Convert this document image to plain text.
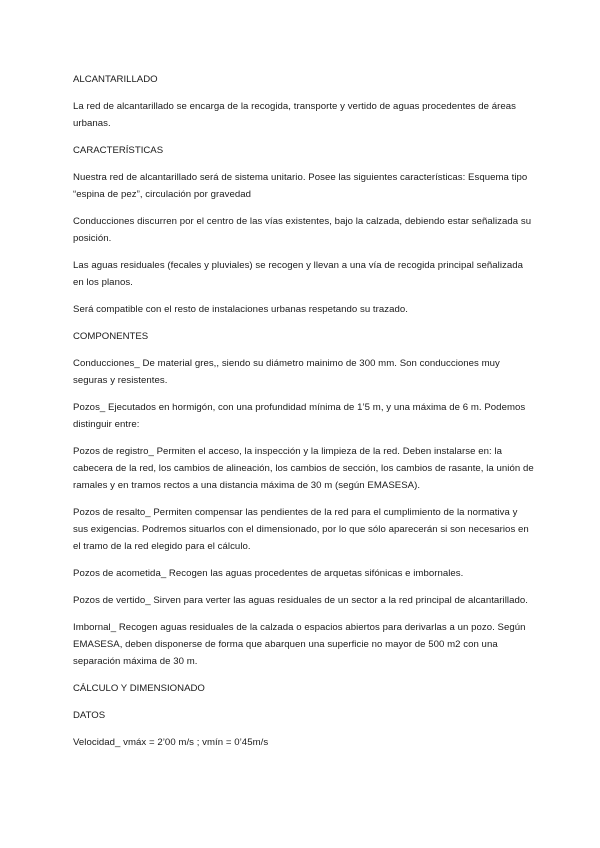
ALCANTARILLADO
La red de alcantarillado se encarga de la recogida, transporte y vertido de aguas procedentes de áreas urbanas.
CARACTERÍSTICAS
Nuestra red de alcantarillado será de sistema unitario. Posee las siguientes características: Esquema tipo “espina de pez”, circulación por gravedad
Conducciones discurren por el centro de las vías existentes, bajo la calzada, debiendo estar señalizada su posición.
Las aguas residuales (fecales y pluviales) se recogen y llevan a una vía de recogida principal señalizada en los planos.
Será compatible con el resto de instalaciones urbanas respetando su trazado.
COMPONENTES
Conducciones_ De material gres,, siendo su diámetro mainimo de 300 mm. Son conducciones muy seguras y resistentes.
Pozos_ Ejecutados en hormigón, con una profundidad mínima de 1’5 m, y una máxima de 6 m. Podemos distinguir entre:
Pozos de registro_ Permiten el acceso, la inspección y la limpieza de la red. Deben instalarse en: la cabecera de la red, los cambios de alineación, los cambios de sección, los cambios de rasante, la unión de ramales y en tramos rectos a una distancia máxima de 30 m (según EMASESA).
Pozos de resalto_ Permiten compensar las pendientes de la red para el cumplimiento de la normativa y sus exigencias. Podremos situarlos con el dimensionado, por lo que sólo aparecerán si son necesarios en el tramo de la red elegido para el cálculo.
Pozos de acometida_ Recogen las aguas procedentes de arquetas sifónicas e imbornales.
Pozos de vertido_ Sirven para verter las aguas residuales de un sector a la red principal de alcantarillado.
Imbornal_ Recogen aguas residuales de la calzada o espacios abiertos para derivarlas a un pozo. Según EMASESA, deben disponerse de forma que abarquen una superficie no mayor de 500 m2 con una separación máxima de 30 m.
CÁLCULO Y DIMENSIONADO
DATOS
Velocidad_ vmáx = 2’00 m/s ; vmín = 0’45m/s
